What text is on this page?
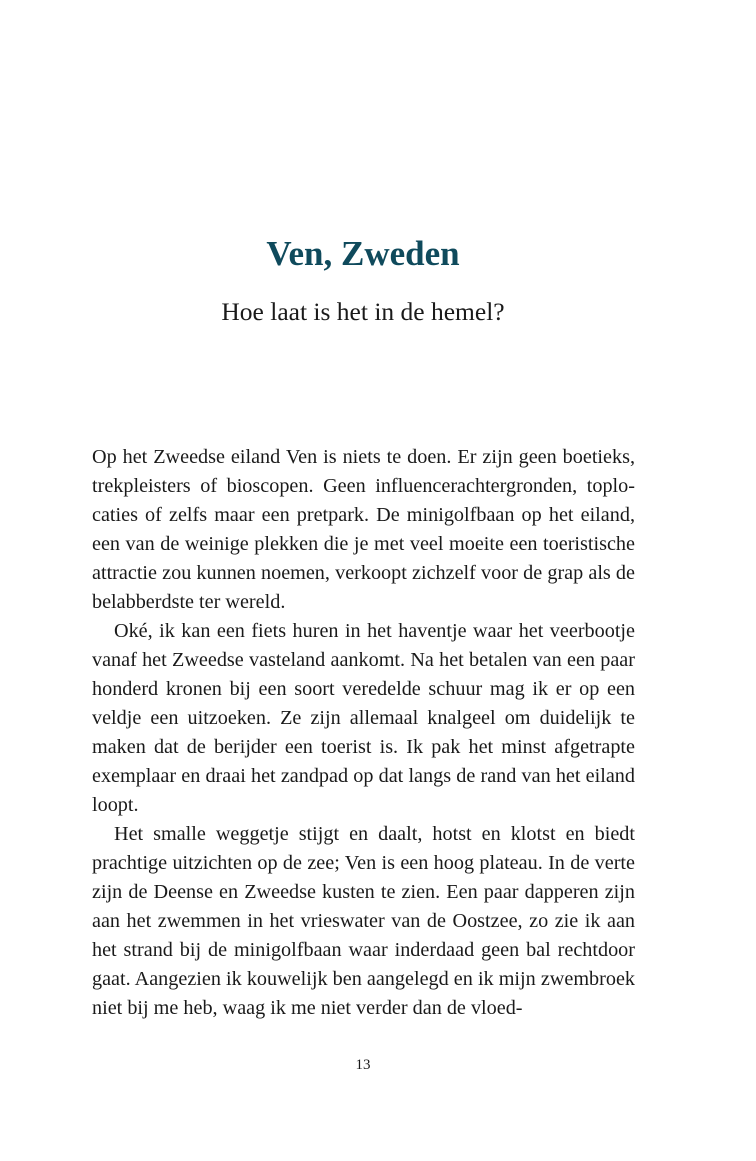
Ven, Zweden
Hoe laat is het in de hemel?

Op het Zweedse eiland Ven is niets te doen. Er zijn geen boetieks, trekpleisters of bioscopen. Geen influencerachtergronden, toplocaties of zelfs maar een pretpark. De minigolfbaan op het eiland, een van de weinige plekken die je met veel moeite een toeristische attractie zou kunnen noemen, verkoopt zichzelf voor de grap als de belabberdste ter wereld.

Oké, ik kan een fiets huren in het haventje waar het veerbootje vanaf het Zweedse vasteland aankomt. Na het betalen van een paar honderd kronen bij een soort veredelde schuur mag ik er op een veldje een uitzoeken. Ze zijn allemaal knalgeel om duidelijk te maken dat de berijder een toerist is. Ik pak het minst afgetrapte exemplaar en draai het zandpad op dat langs de rand van het eiland loopt.

Het smalle weggetje stijgt en daalt, hotst en klotst en biedt prachtige uitzichten op de zee; Ven is een hoog plateau. In de verte zijn de Deense en Zweedse kusten te zien. Een paar dapperen zijn aan het zwemmen in het vrieswater van de Oostzee, zo zie ik aan het strand bij de minigolfbaan waar inderdaad geen bal rechtdoor gaat. Aangezien ik kouwelijk ben aangelegd en ik mijn zwembroek niet bij me heb, waag ik me niet verder dan de vloed-

13
